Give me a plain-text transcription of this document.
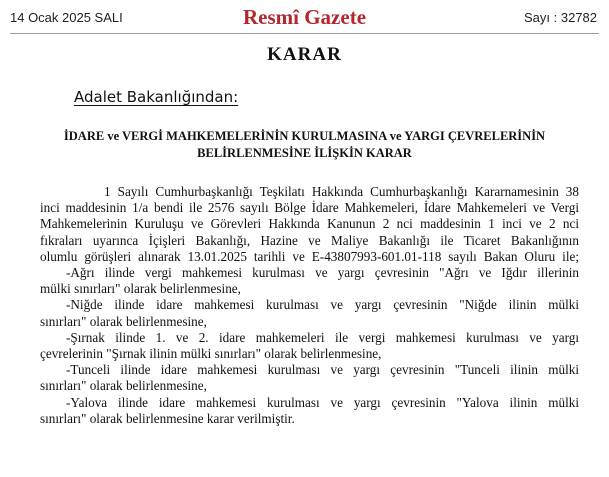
14 Ocak 2025 SALI	Resmî Gazete	Sayı : 32782
KARAR
Adalet Bakanlığından:
İDARE ve VERGİ MAHKEMELERİNİN KURULMASINA ve YARGI ÇEVRELERİNİN
BELİRLENMESİNE İLİŞKİN KARAR
1 Sayılı Cumhurbaşkanlığı Teşkilatı Hakkında Cumhurbaşkanlığı Kararnamesinin 38
inci maddesinin 1/a bendi ile 2576 sayılı Bölge İdare Mahkemeleri, İdare Mahkemeleri ve Vergi
Mahkemelerinin Kuruluşu ve Görevleri Hakkında Kanunun 2 nci maddesinin 1 inci ve 2 nci
fıkraları uyarınca İçişleri Bakanlığı, Hazine ve Maliye Bakanlığı ile Ticaret Bakanlığının
olumlu görüşleri alınarak 13.01.2025 tarihli ve E-43807993-601.01-118 sayılı Bakan Oluru ile;
-Ağrı ilinde vergi mahkemesi kurulması ve yargı çevresinin "Ağrı ve Iğdır illerinin
mülki sınırları" olarak belirlenmesine,
-Niğde ilinde idare mahkemesi kurulması ve yargı çevresinin "Niğde ilinin mülki
sınırları" olarak belirlenmesine,
-Şırnak ilinde 1. ve 2. idare mahkemeleri ile vergi mahkemesi kurulması ve yargı
çevrelerinin "Şırnak ilinin mülki sınırları" olarak belirlenmesine,
-Tunceli ilinde idare mahkemesi kurulması ve yargı çevresinin "Tunceli ilinin mülki
sınırları" olarak belirlenmesine,
-Yalova ilinde idare mahkemesi kurulması ve yargı çevresinin "Yalova ilinin mülki
sınırları" olarak belirlenmesine karar verilmiştir.
